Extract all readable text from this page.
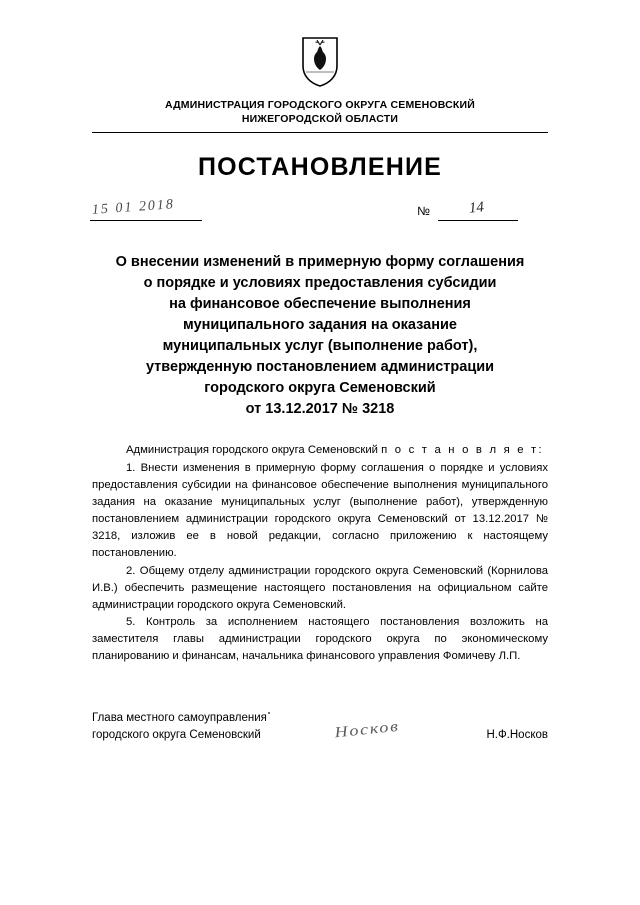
АДМИНИСТРАЦИЯ ГОРОДСКОГО ОКРУГА СЕМЕНОВСКИЙ
НИЖЕГОРОДСКОЙ ОБЛАСТИ
ПОСТАНОВЛЕНИЕ
15 01 2018	№	14
О внесении изменений в примерную форму соглашения
о порядке и условиях предоставления субсидии
на финансовое обеспечение выполнения
муниципального задания на оказание
муниципальных услуг (выполнение работ),
утвержденную постановлением администрации
городского округа Семеновский
от 13.12.2017 № 3218

Администрация городского округа Семеновский п о с т а н о в л я е т:

1. Внести изменения в примерную форму соглашения о порядке и условиях предоставления субсидии на финансовое обеспечение выполнения муниципального задания на оказание муниципальных услуг (выполнение работ), утвержденную постановлением администрации городского округа Семеновский от 13.12.2017 № 3218, изложив ее в новой редакции, согласно приложению к настоящему постановлению.

2. Общему отделу администрации городского округа Семеновский (Корнилова И.В.) обеспечить размещение настоящего постановления на официальном сайте администрации городского округа Семеновский.

5. Контроль за исполнением настоящего постановления возложить на заместителя главы администрации городского округа по экономическому планированию и финансам, начальника финансового управления Фомичеву Л.П.

Глава местного самоуправления
городского округа Семеновский	Носков	Н.Ф.Носков
